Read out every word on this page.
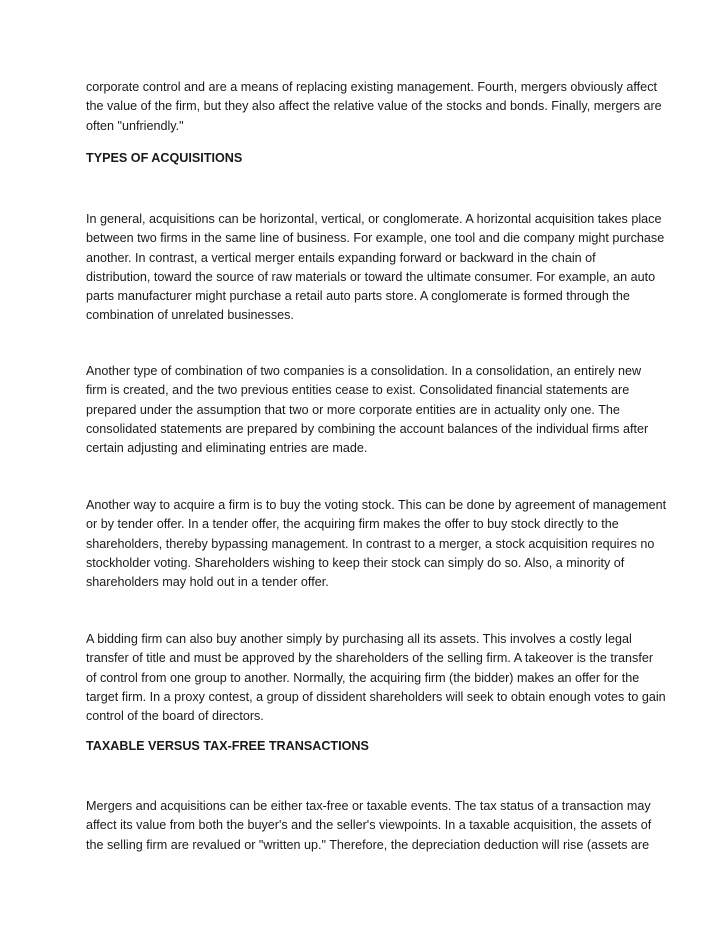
corporate control and are a means of replacing existing management. Fourth, mergers obviously affect
the value of the firm, but they also affect the relative value of the stocks and bonds. Finally, mergers are
often "unfriendly."

TYPES OF ACQUISITIONS

In general, acquisitions can be horizontal, vertical, or conglomerate. A horizontal acquisition takes place
between two firms in the same line of business. For example, one tool and die company might purchase
another. In contrast, a vertical merger entails expanding forward or backward in the chain of
distribution, toward the source of raw materials or toward the ultimate consumer. For example, an auto
parts manufacturer might purchase a retail auto parts store. A conglomerate is formed through the
combination of unrelated businesses.

Another type of combination of two companies is a consolidation. In a consolidation, an entirely new
firm is created, and the two previous entities cease to exist. Consolidated financial statements are
prepared under the assumption that two or more corporate entities are in actuality only one. The
consolidated statements are prepared by combining the account balances of the individual firms after
certain adjusting and eliminating entries are made.

Another way to acquire a firm is to buy the voting stock. This can be done by agreement of management
or by tender offer. In a tender offer, the acquiring firm makes the offer to buy stock directly to the
shareholders, thereby bypassing management. In contrast to a merger, a stock acquisition requires no
stockholder voting. Shareholders wishing to keep their stock can simply do so. Also, a minority of
shareholders may hold out in a tender offer.

A bidding firm can also buy another simply by purchasing all its assets. This involves a costly legal
transfer of title and must be approved by the shareholders of the selling firm. A takeover is the transfer
of control from one group to another. Normally, the acquiring firm (the bidder) makes an offer for the
target firm. In a proxy contest, a group of dissident shareholders will seek to obtain enough votes to gain
control of the board of directors.

TAXABLE VERSUS TAX-FREE TRANSACTIONS

Mergers and acquisitions can be either tax-free or taxable events. The tax status of a transaction may
affect its value from both the buyer's and the seller's viewpoints. In a taxable acquisition, the assets of
the selling firm are revalued or "written up." Therefore, the depreciation deduction will rise (assets are
